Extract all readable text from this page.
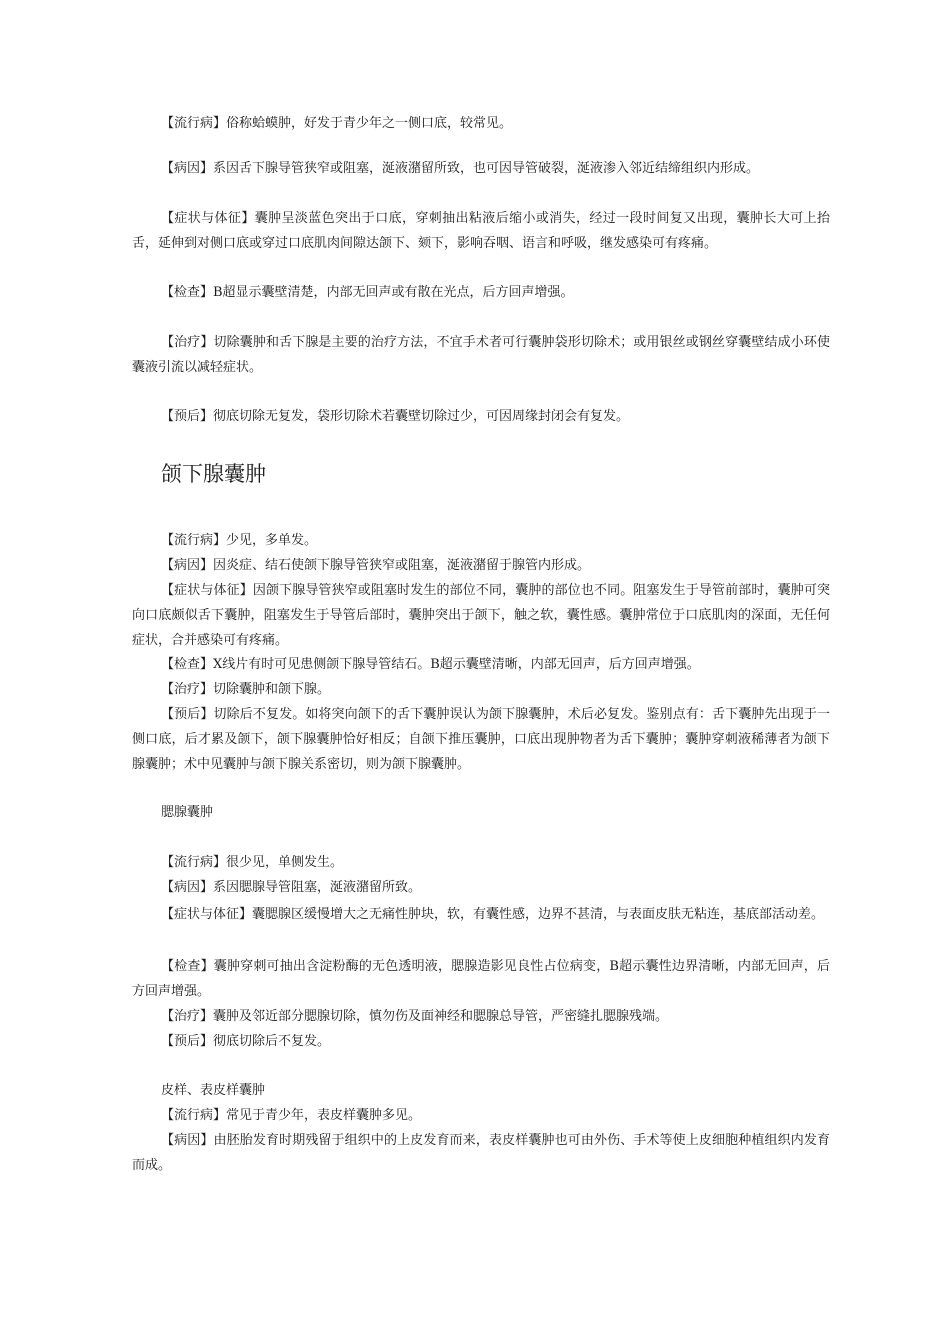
【流行病】俗称蛤蟆肿，好发于青少年之一侧口底，较常见。

【病因】系因舌下腺导管狭窄或阻塞，涎液潴留所致，也可因导管破裂，涎液渗入邻近结缔组织内形成。

【症状与体征】囊肿呈淡蓝色突出于口底，穿刺抽出粘液后缩小或消失，经过一段时间复又出现，囊肿长大可上抬舌，延伸到对侧口底或穿过口底肌肉间隙达颌下、颏下，影响吞咽、语言和呼吸，继发感染可有疼痛。

【检查】B超显示囊壁清楚，内部无回声或有散在光点，后方回声增强。

【治疗】切除囊肿和舌下腺是主要的治疗方法，不宜手术者可行囊肿袋形切除术；或用银丝或钢丝穿囊壁结成小环使囊液引流以减轻症状。

【预后】彻底切除无复发，袋形切除术若囊壁切除过少，可因周缘封闭会有复发。

颌下腺囊肿

【流行病】少见，多单发。

【病因】因炎症、结石使颌下腺导管狭窄或阻塞，涎液潴留于腺管内形成。

【症状与体征】因颌下腺导管狭窄或阻塞时发生的部位不同，囊肿的部位也不同。阻塞发生于导管前部时，囊肿可突向口底颇似舌下囊肿，阻塞发生于导管后部时，囊肿突出于颌下，触之软，囊性感。囊肿常位于口底肌肉的深面，无任何症状，合并感染可有疼痛。

【检查】X线片有时可见患侧颌下腺导管结石。B超示囊壁清晰，内部无回声，后方回声增强。

【治疗】切除囊肿和颌下腺。

【预后】切除后不复发。如将突向颌下的舌下囊肿误认为颌下腺囊肿，术后必复发。鉴别点有：舌下囊肿先出现于一侧口底，后才累及颌下，颌下腺囊肿恰好相反；自颌下推压囊肿，口底出现肿物者为舌下囊肿；囊肿穿刺液稀薄者为颌下腺囊肿；术中见囊肿与颌下腺关系密切，则为颌下腺囊肿。

腮腺囊肿

【流行病】很少见，单侧发生。

【病因】系因腮腺导管阻塞，涎液潴留所致。

【症状与体征】囊腮腺区缓慢增大之无痛性肿块，软，有囊性感，边界不甚清，与表面皮肤无粘连，基底部活动差。

【检查】囊肿穿刺可抽出含淀粉酶的无色透明液，腮腺造影见良性占位病变，B超示囊性边界清晰，内部无回声，后方回声增强。

【治疗】囊肿及邻近部分腮腺切除，慎勿伤及面神经和腮腺总导管，严密缝扎腮腺残端。

【预后】彻底切除后不复发。

皮样、表皮样囊肿

【流行病】常见于青少年，表皮样囊肿多见。

【病因】由胚胎发育时期残留于组织中的上皮发育而来，表皮样囊肿也可由外伤、手术等使上皮细胞种植组织内发育而成。
